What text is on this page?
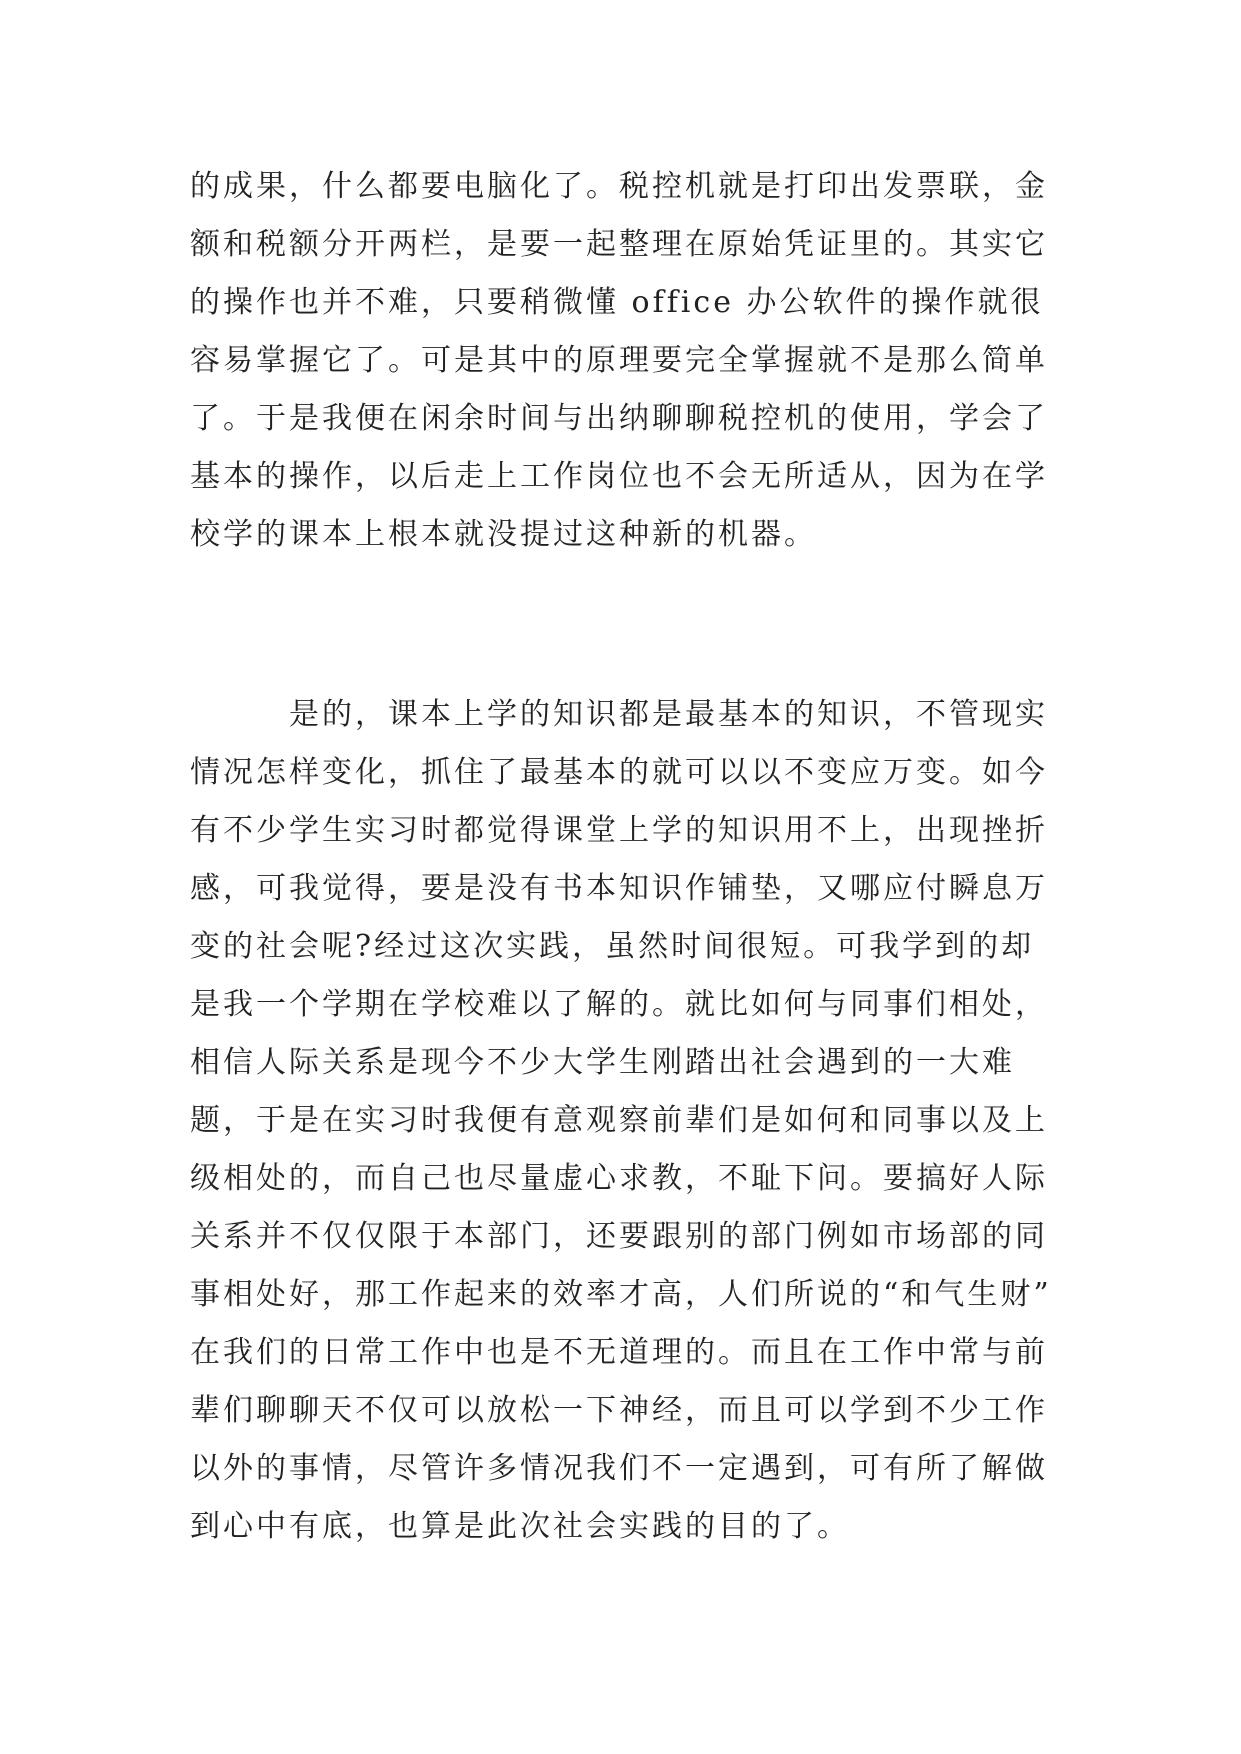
的成果，什么都要电脑化了。税控机就是打印出发票联，金
额和税额分开两栏，是要一起整理在原始凭证里的。其实它
的操作也并不难，只要稍微懂 office 办公软件的操作就很
容易掌握它了。可是其中的原理要完全掌握就不是那么简单
了。于是我便在闲余时间与出纳聊聊税控机的使用，学会了
基本的操作，以后走上工作岗位也不会无所适从，因为在学
校学的课本上根本就没提过这种新的机器。
　　　是的，课本上学的知识都是最基本的知识，不管现实
情况怎样变化，抓住了最基本的就可以以不变应万变。如今
有不少学生实习时都觉得课堂上学的知识用不上，出现挫折
感，可我觉得，要是没有书本知识作铺垫，又哪应付瞬息万
变的社会呢?经过这次实践，虽然时间很短。可我学到的却
是我一个学期在学校难以了解的。就比如何与同事们相处，
相信人际关系是现今不少大学生刚踏出社会遇到的一大难
题，于是在实习时我便有意观察前辈们是如何和同事以及上
级相处的，而自己也尽量虚心求教，不耻下问。要搞好人际
关系并不仅仅限于本部门，还要跟别的部门例如市场部的同
事相处好，那工作起来的效率才高，人们所说的“和气生财”
在我们的日常工作中也是不无道理的。而且在工作中常与前
辈们聊聊天不仅可以放松一下神经，而且可以学到不少工作
以外的事情，尽管许多情况我们不一定遇到，可有所了解做
到心中有底，也算是此次社会实践的目的了。
